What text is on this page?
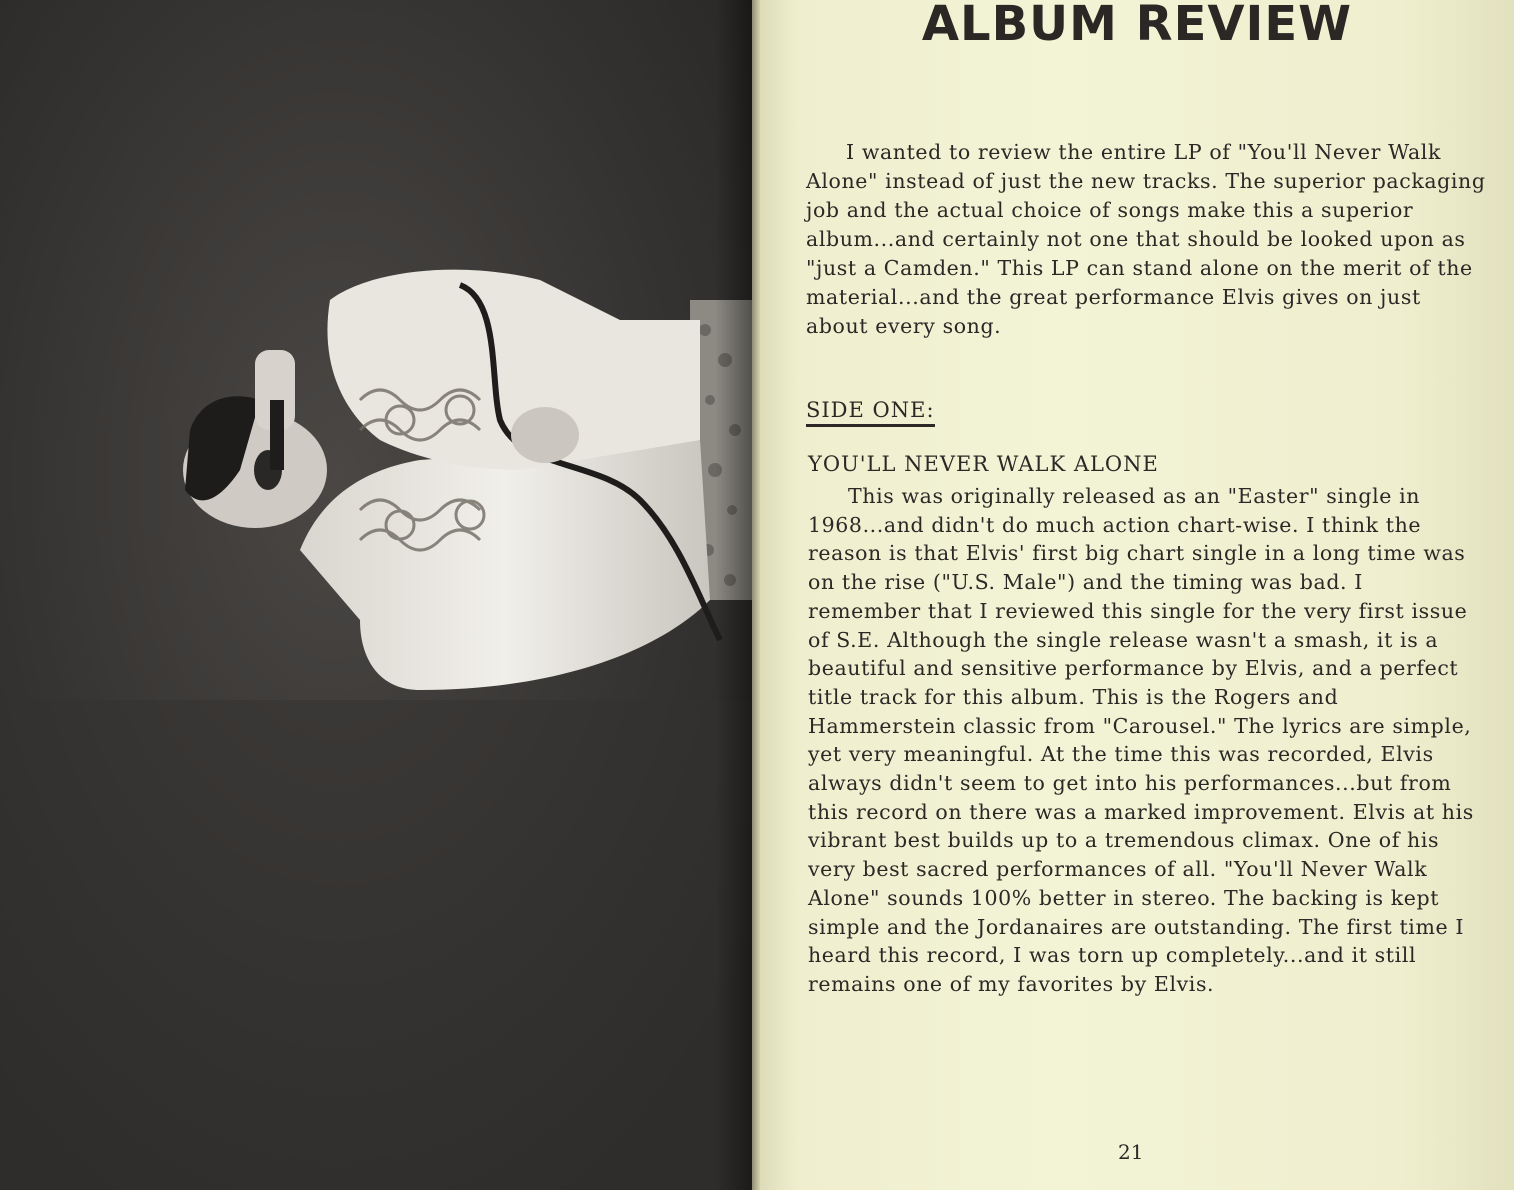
ALBUM REVIEW

I wanted to review the entire LP of "You'll Never Walk Alone" instead of just the new tracks. The superior packaging job and the actual choice of songs make this a superior album...and certainly not one that should be looked upon as "just a Camden." This LP can stand alone on the merit of the material...and the great performance Elvis gives on just about every song.

SIDE ONE:
YOU'LL NEVER WALK ALONE

This was originally released as an "Easter" single in 1968...and didn't do much action chart-wise. I think the reason is that Elvis' first big chart single in a long time was on the rise ("U.S. Male") and the timing was bad. I remember that I reviewed this single for the very first issue of S.E. Although the single release wasn't a smash, it is a beautiful and sensitive performance by Elvis, and a perfect title track for this album. This is the Rogers and Hammerstein classic from "Carousel." The lyrics are simple, yet very meaningful. At the time this was recorded, Elvis always didn't seem to get into his performances...but from this record on there was a marked improvement. Elvis at his vibrant best builds up to a tremendous climax. One of his very best sacred performances of all. "You'll Never Walk Alone" sounds 100% better in stereo. The backing is kept simple and the Jordanaires are outstanding. The first time I heard this record, I was torn up completely...and it still remains one of my favorites by Elvis.

21
